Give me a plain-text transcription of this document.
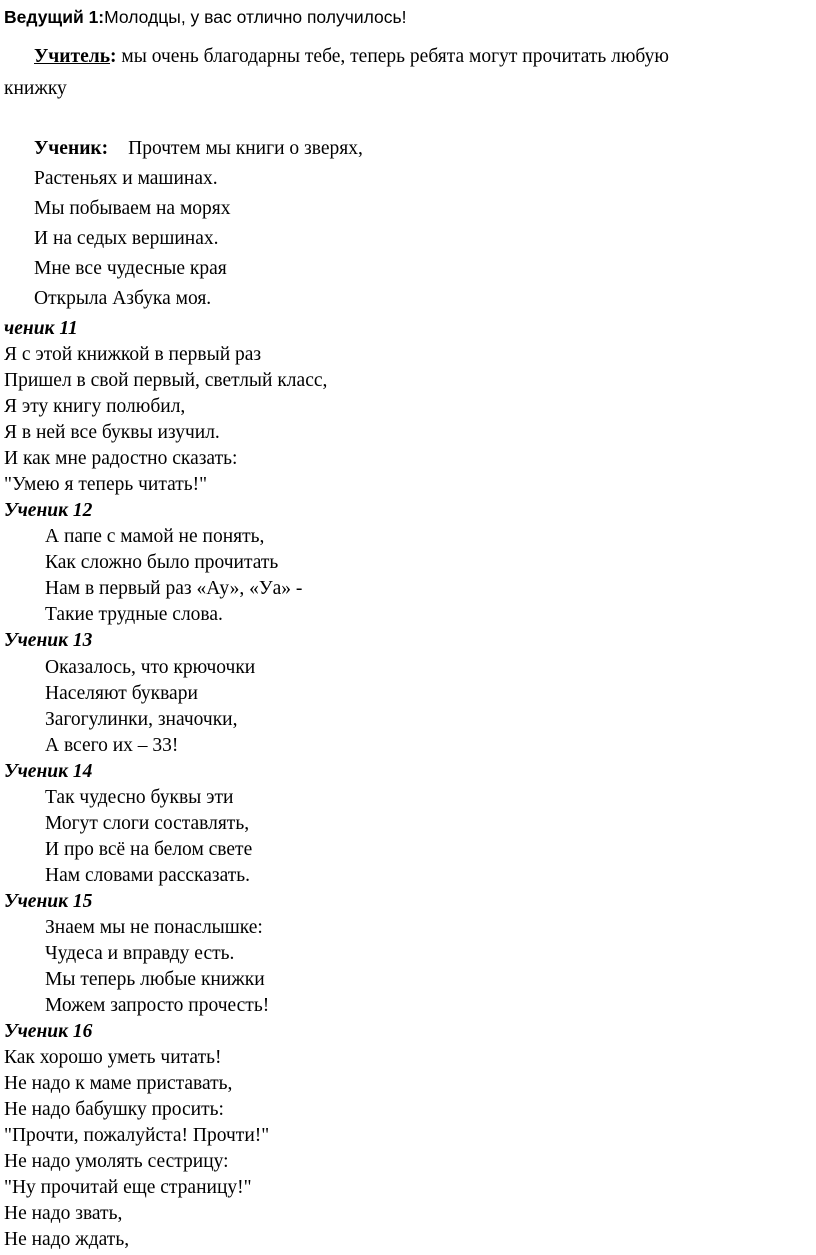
Ведущий 1:Молодцы, у вас отлично получилось!
Учитель: мы очень благодарны тебе, теперь ребята могут прочитать любую
книжку
Ученик: Прочтем мы книги о зверях,
Растеньях и машинах.
Мы побываем на морях
И на седых вершинах.
Мне все чудесные края
Открыла Азбука моя.
ченик 11
Я с этой книжкой в первый раз
Пришел в свой первый, светлый класс,
Я эту книгу полюбил,
Я в ней все буквы изучил.
И как мне радостно сказать:
"Умею я теперь читать!"
Ученик 12
А папе с мамой не понять,
Как сложно было прочитать
Нам в первый раз «Ау», «Уа» -
Такие трудные слова.
Ученик 13
Оказалось, что крючочки
Населяют буквари
Загогулинки, значочки,
А всего их – 33!
Ученик 14
Так чудесно буквы эти
Могут слоги составлять,
И про всё на белом свете
Нам словами рассказать.
Ученик 15
Знаем мы не понаслышке:
Чудеса и вправду есть.
Мы теперь любые книжки
Можем запросто прочесть!
Ученик 16
Как хорошо уметь читать!
Не надо к маме приставать,
Не надо бабушку просить:
"Прочти, пожалуйста! Прочти!"
Не надо умолять сестрицу:
"Ну прочитай еще страницу!"
Не надо звать,
Не надо ждать,
